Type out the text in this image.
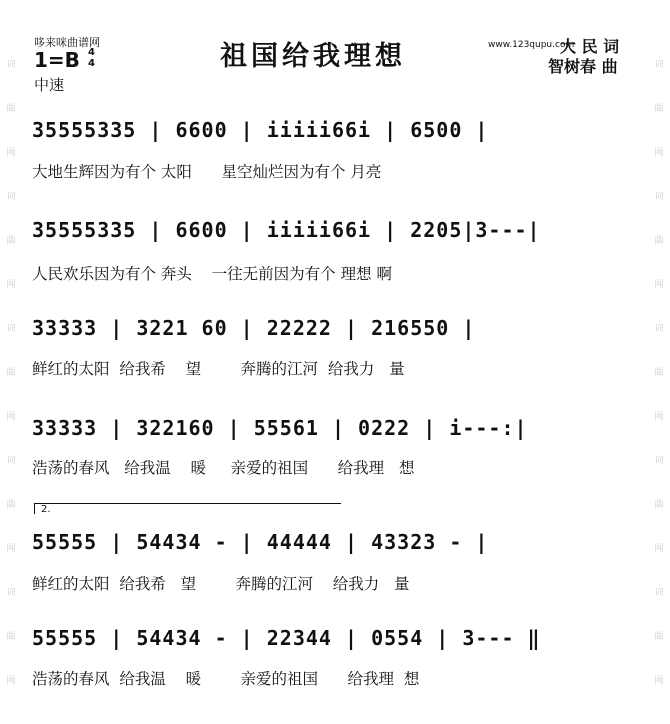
词
曲
网
词
曲
网
词
曲
网
词
曲
网
词
曲
网
词
曲
网
词
曲
网
词
曲
网
词
曲
网
词
曲
网
哆来咪曲谱网
1=B 4
4
中速
祖国给我理想	www.123qupu.com
大 民 词
智树春 曲
35555335 | 6600 | iiiii66i | 6500 |
大地生辉因为有个 太阳      星空灿烂因为有个 月亮
35555335 | 6600 | iiiii66i | 2205|3---|
人民欢乐因为有个 奔头    一往无前因为有个 理想 啊
33333 | 3221 60 | 22222 | 216550 |
鲜红的太阳  给我希    望        奔腾的江河  给我力   量
33333 | 322160 | 55561 | 0222 | i---:|
浩荡的春风   给我温    暖     亲爱的祖国      给我理   想
2.
55555 | 54434 - | 44444 | 43323 - |
鲜红的太阳  给我希   望        奔腾的江河    给我力   量
55555 | 54434 - | 22344 | 0554 | 3--- ‖
浩荡的春风  给我温    暖        亲爱的祖国      给我理  想
